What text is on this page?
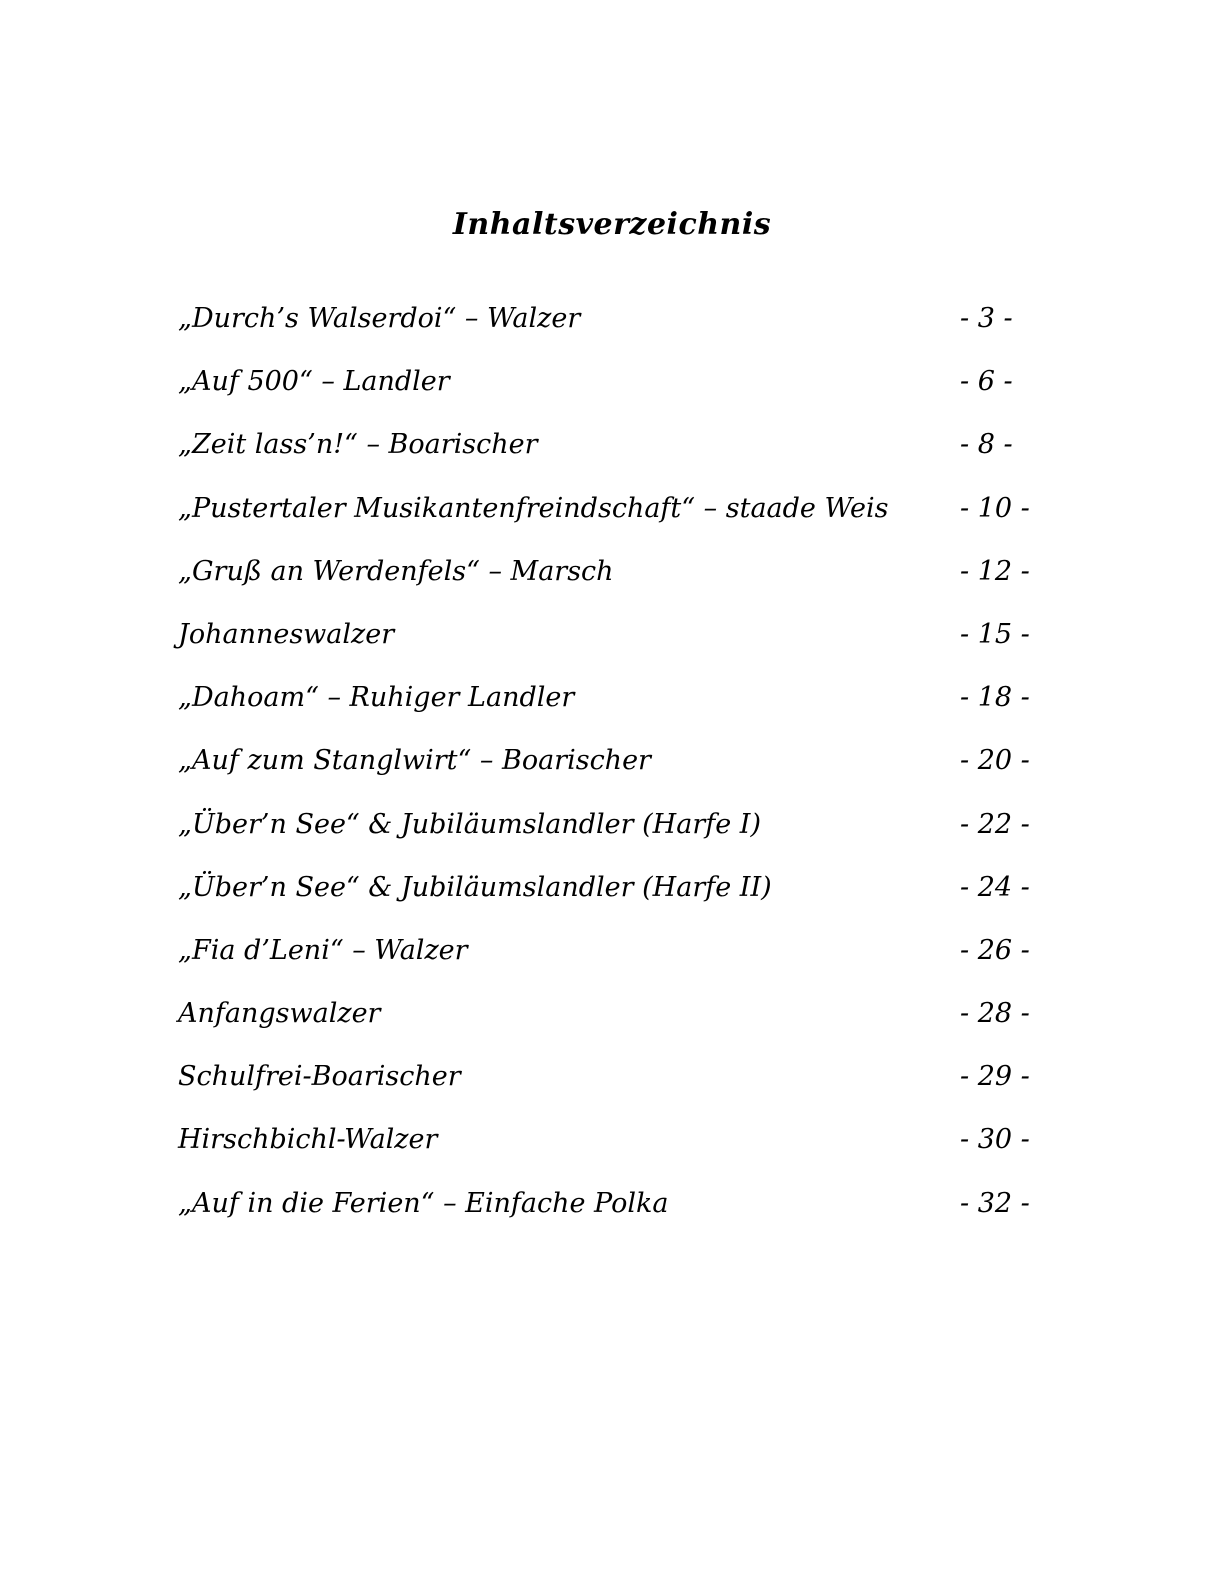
Inhaltsverzeichnis
„Durch’s Walserdoi“ – Walzer	- 3 -
„Auf 500“ – Landler	- 6 -
„Zeit lass’n!“ – Boarischer	- 8 -
„Pustertaler Musikantenfreindschaft“ – staade Weis	- 10 -
„Gruß an Werdenfels“ – Marsch	- 12 -
Johanneswalzer	- 15 -
„Dahoam“ – Ruhiger Landler	- 18 -
„Auf zum Stanglwirt“ – Boarischer	- 20 -
„Über’n See“ & Jubiläumslandler (Harfe I)	- 22 -
„Über’n See“ & Jubiläumslandler (Harfe II)	- 24 -
„Fia d’Leni“ – Walzer	- 26 -
Anfangswalzer	- 28 -
Schulfrei-Boarischer	- 29 -
Hirschbichl-Walzer	- 30 -
„Auf in die Ferien“ – Einfache Polka	- 32 -
